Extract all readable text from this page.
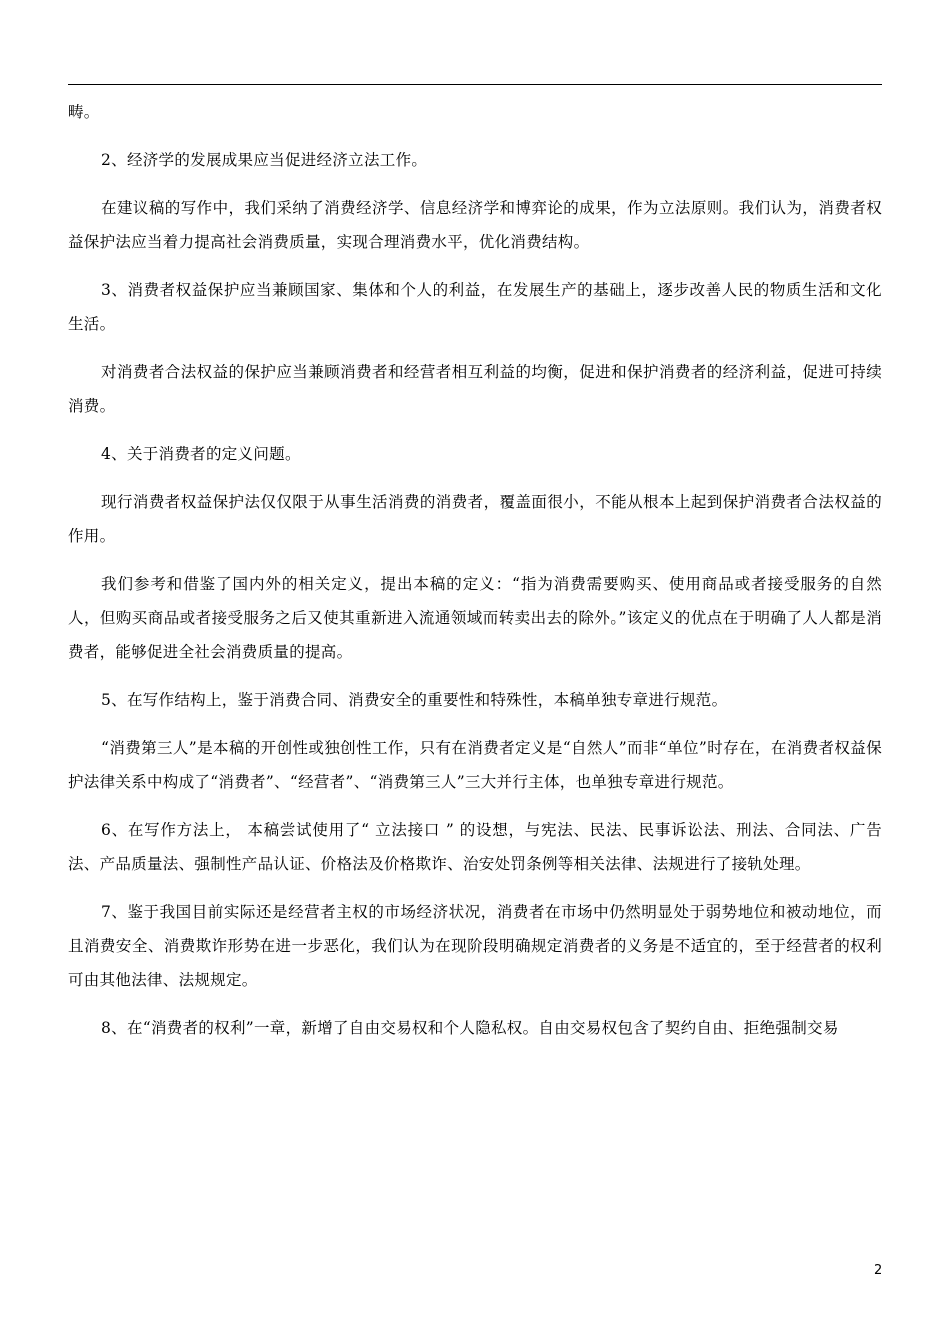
畴。

2、经济学的发展成果应当促进经济立法工作。

在建议稿的写作中，我们采纳了消费经济学、信息经济学和博弈论的成果，作为立法原则。我们认为，消费者权益保护法应当着力提高社会消费质量，实现合理消费水平，优化消费结构。

3、消费者权益保护应当兼顾国家、集体和个人的利益，在发展生产的基础上，逐步改善人民的物质生活和文化生活。

对消费者合法权益的保护应当兼顾消费者和经营者相互利益的均衡，促进和保护消费者的经济利益，促进可持续消费。

4、关于消费者的定义问题。

现行消费者权益保护法仅仅限于从事生活消费的消费者，覆盖面很小，不能从根本上起到保护消费者合法权益的作用。

我们参考和借鉴了国内外的相关定义，提出本稿的定义：“指为消费需要购买、使用商品或者接受服务的自然人，但购买商品或者接受服务之后又使其重新进入流通领域而转卖出去的除外。”该定义的优点在于明确了人人都是消费者，能够促进全社会消费质量的提高。

5、在写作结构上，鉴于消费合同、消费安全的重要性和特殊性，本稿单独专章进行规范。

“消费第三人”是本稿的开创性或独创性工作，只有在消费者定义是“自然人”而非“单位”时存在，在消费者权益保护法律关系中构成了“消费者”、“经营者”、“消费第三人”三大并行主体，也单独专章进行规范。

6、在写作方法上， 本稿尝试使用了“ 立法接口 ” 的设想，与宪法、民法、民事诉讼法、刑法、合同法、广告法、产品质量法、强制性产品认证、价格法及价格欺诈、治安处罚条例等相关法律、法规进行了接轨处理。

7、鉴于我国目前实际还是经营者主权的市场经济状况，消费者在市场中仍然明显处于弱势地位和被动地位，而且消费安全、消费欺诈形势在进一步恶化，我们认为在现阶段明确规定消费者的义务是不适宜的，至于经营者的权利可由其他法律、法规规定。

8、在“消费者的权利”一章，新增了自由交易权和个人隐私权。自由交易权包含了契约自由、拒绝强制交易

2
